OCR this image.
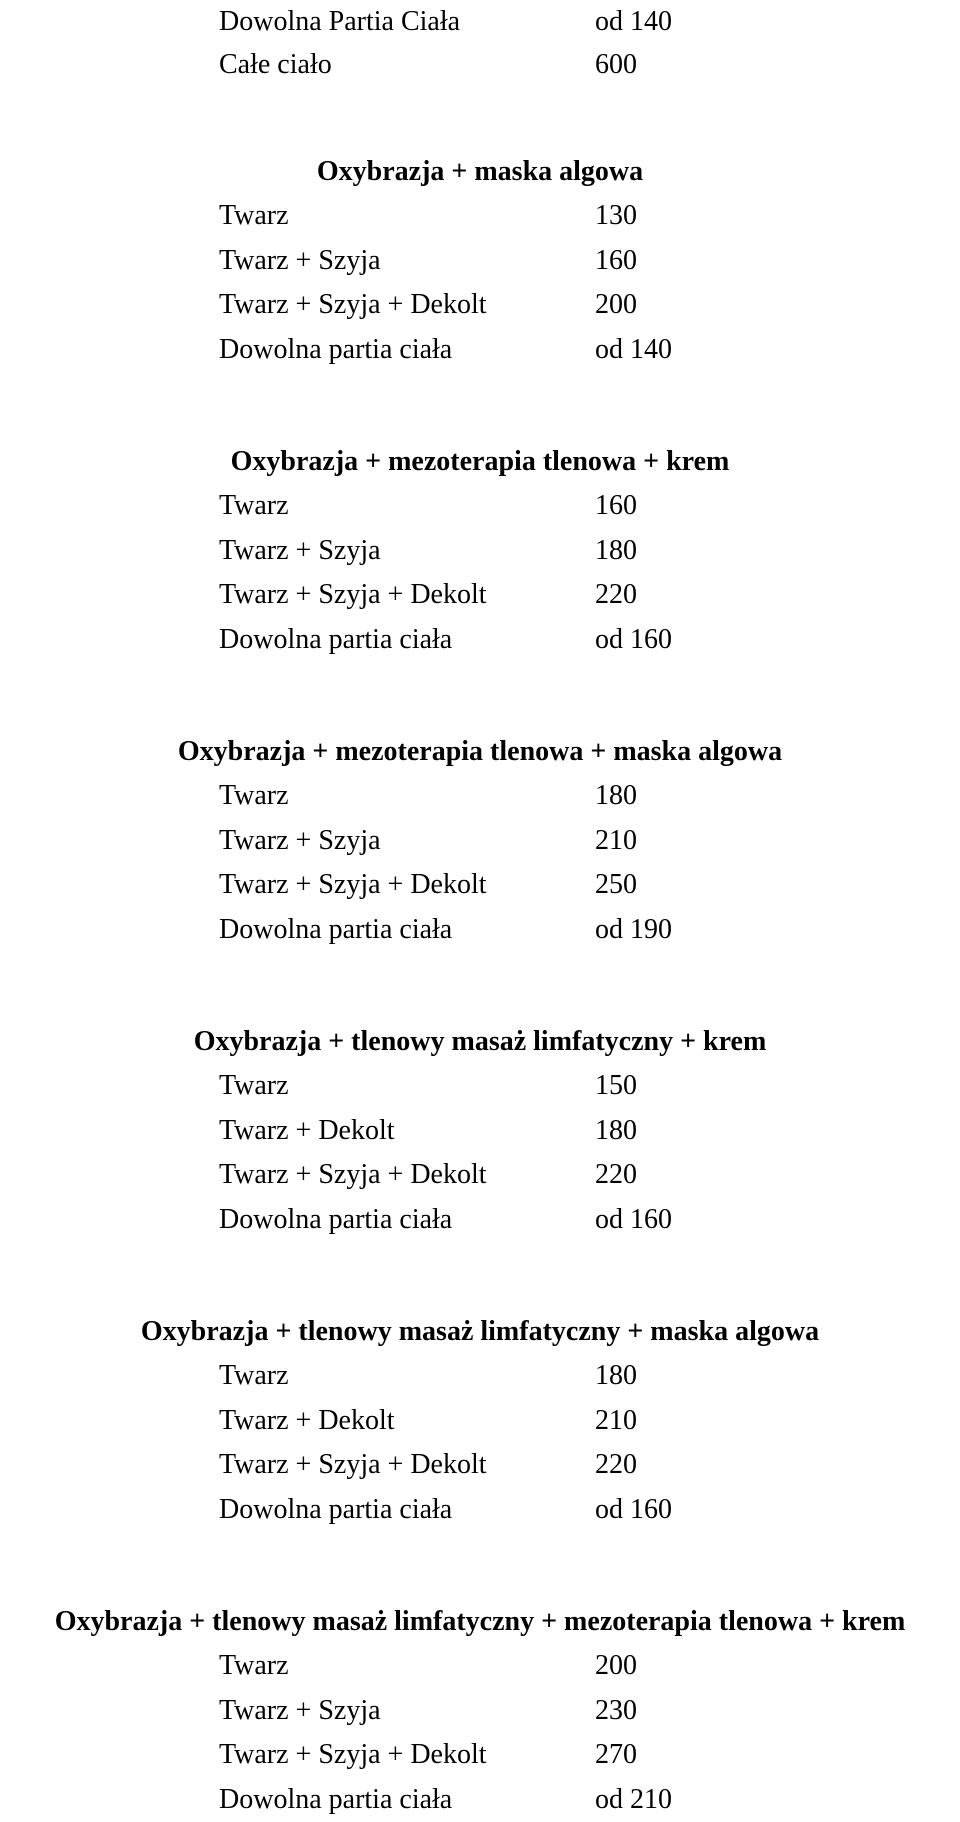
Dowolna Partia Ciała	od 140
Całe ciało	600
Oxybrazja + maska algowa
Twarz	130
Twarz + Szyja	160
Twarz + Szyja + Dekolt	200
Dowolna partia ciała	od 140
Oxybrazja + mezoterapia tlenowa + krem
Twarz	160
Twarz + Szyja	180
Twarz + Szyja + Dekolt	220
Dowolna partia ciała	od 160
Oxybrazja + mezoterapia tlenowa + maska algowa
Twarz	180
Twarz + Szyja	210
Twarz + Szyja + Dekolt	250
Dowolna partia ciała	od 190
Oxybrazja + tlenowy masaż limfatyczny + krem
Twarz	150
Twarz + Dekolt	180
Twarz + Szyja + Dekolt	220
Dowolna partia ciała	od 160
Oxybrazja + tlenowy masaż limfatyczny + maska algowa
Twarz	180
Twarz + Dekolt	210
Twarz + Szyja + Dekolt	220
Dowolna partia ciała	od 160
Oxybrazja + tlenowy masaż limfatyczny + mezoterapia tlenowa + krem
Twarz	200
Twarz + Szyja	230
Twarz + Szyja + Dekolt	270
Dowolna partia ciała	od 210
